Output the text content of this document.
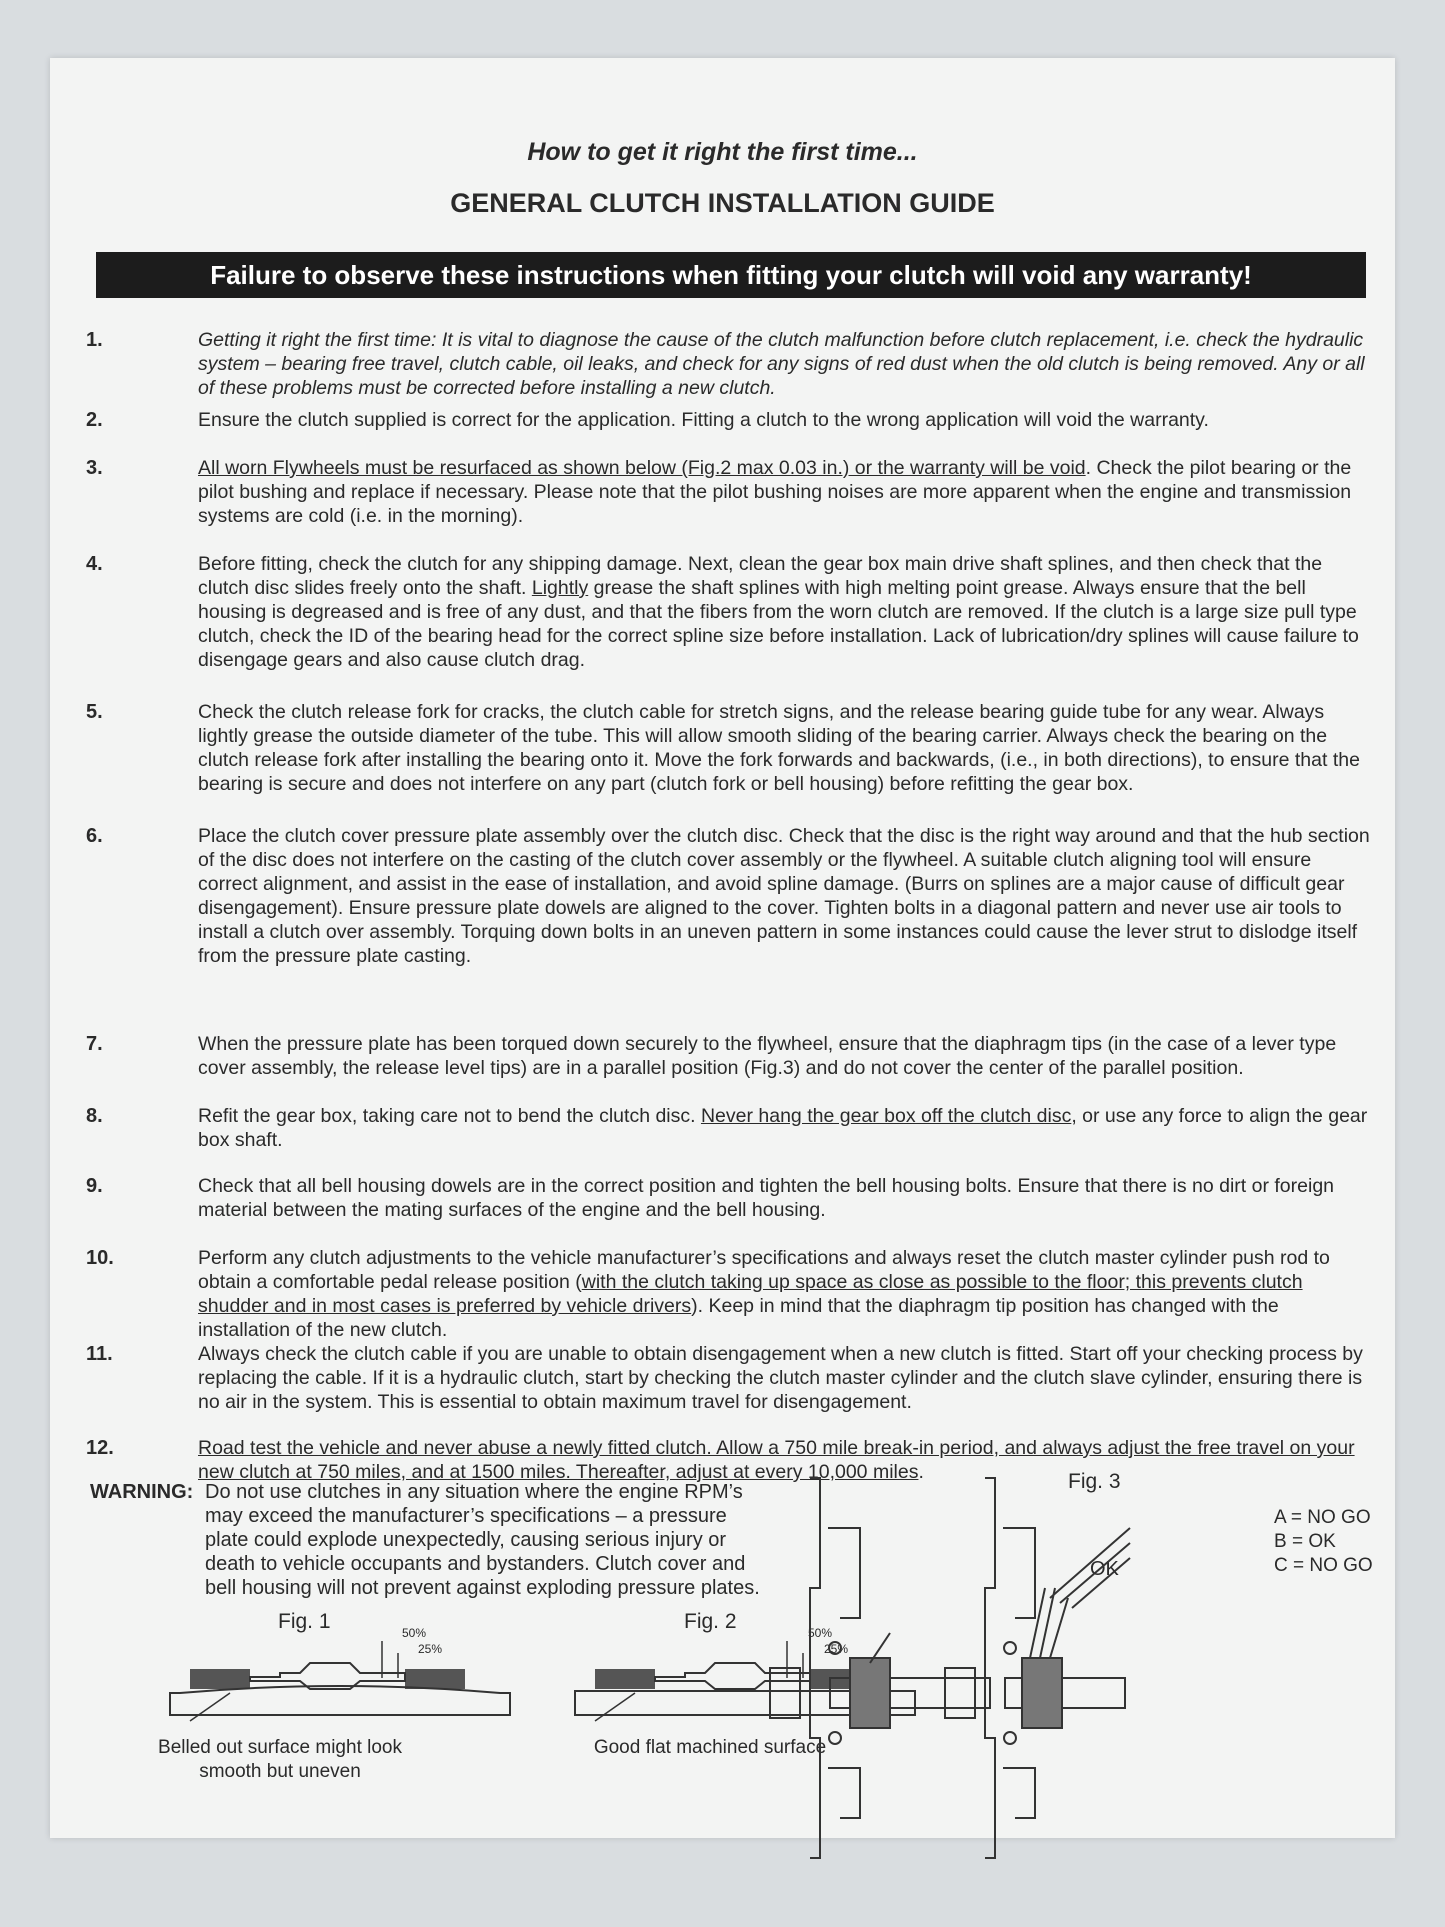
How to get it right the first time...
GENERAL CLUTCH INSTALLATION GUIDE
Failure to observe these instructions when fitting your clutch will void any warranty!
1.	Getting it right the first time: It is vital to diagnose the cause of the clutch malfunction before clutch replacement, i.e. check the hydraulic system – bearing free travel, clutch cable, oil leaks, and check for any signs of red dust when the old clutch is being removed. Any or all of these problems must be corrected before installing a new clutch.
2.	Ensure the clutch supplied is correct for the application. Fitting a clutch to the wrong application will void the warranty.
3.	All worn Flywheels must be resurfaced as shown below (Fig.2 max 0.03 in.) or the warranty will be void. Check the pilot bearing or the pilot bushing and replace if necessary. Please note that the pilot bushing noises are more apparent when the engine and transmission systems are cold (i.e. in the morning).
4.	Before fitting, check the clutch for any shipping damage. Next, clean the gear box main drive shaft splines, and then check that the clutch disc slides freely onto the shaft. Lightly grease the shaft splines with high melting point grease. Always ensure that the bell housing is degreased and is free of any dust, and that the fibers from the worn clutch are removed. If the clutch is a large size pull type clutch, check the ID of the bearing head for the correct spline size before installation. Lack of lubrication/dry splines will cause failure to disengage gears and also cause clutch drag.
5.	Check the clutch release fork for cracks, the clutch cable for stretch signs, and the release bearing guide tube for any wear. Always lightly grease the outside diameter of the tube. This will allow smooth sliding of the bearing carrier. Always check the bearing on the clutch release fork after installing the bearing onto it. Move the fork forwards and backwards, (i.e., in both directions), to ensure that the bearing is secure and does not interfere on any part (clutch fork or bell housing) before refitting the gear box.
6.	Place the clutch cover pressure plate assembly over the clutch disc. Check that the disc is the right way around and that the hub section of the disc does not interfere on the casting of the clutch cover assembly or the flywheel. A suitable clutch aligning tool will ensure correct alignment, and assist in the ease of installation, and avoid spline damage. (Burrs on splines are a major cause of difficult gear disengagement). Ensure pressure plate dowels are aligned to the cover. Tighten bolts in a diagonal pattern and never use air tools to install a clutch over assembly. Torquing down bolts in an uneven pattern in some instances could cause the lever strut to dislodge itself from the pressure plate casting.
7.	When the pressure plate has been torqued down securely to the flywheel, ensure that the diaphragm tips (in the case of a lever type cover assembly, the release level tips) are in a parallel position (Fig.3) and do not cover the center of the parallel position.
8.	Refit the gear box, taking care not to bend the clutch disc. Never hang the gear box off the clutch disc, or use any force to align the gear box shaft.
9.	Check that all bell housing dowels are in the correct position and tighten the bell housing bolts. Ensure that there is no dirt or foreign material between the mating surfaces of the engine and the bell housing.
10.	Perform any clutch adjustments to the vehicle manufacturer’s specifications and always reset the clutch master cylinder push rod to obtain a comfortable pedal release position (with the clutch taking up space as close as possible to the floor; this prevents clutch shudder and in most cases is preferred by vehicle drivers). Keep in mind that the diaphragm tip position has changed with the installation of the new clutch.
11.	Always check the clutch cable if you are unable to obtain disengagement when a new clutch is fitted. Start off your checking process by replacing the cable. If it is a hydraulic clutch, start by checking the clutch master cylinder and the clutch slave cylinder, ensuring there is no air in the system. This is essential to obtain maximum travel for disengagement.
12.	Road test the vehicle and never abuse a newly fitted clutch. Allow a 750 mile break-in period, and always adjust the free travel on your new clutch at 750 miles, and at 1500 miles. Thereafter, adjust at every 10,000 miles.
WARNING: Do not use clutches in any situation where the engine RPM’s may exceed the manufacturer’s specifications – a pressure plate could explode unexpectedly, causing serious injury or death to vehicle occupants and bystanders. Clutch cover and bell housing will not prevent against exploding pressure plates.
Fig. 1	50%
25%
Belled out surface might look
smooth but uneven
Fig. 2	50%
25%
Good flat machined surface
Fig. 3
OK
A = NO GO
B = OK
C = NO GO
